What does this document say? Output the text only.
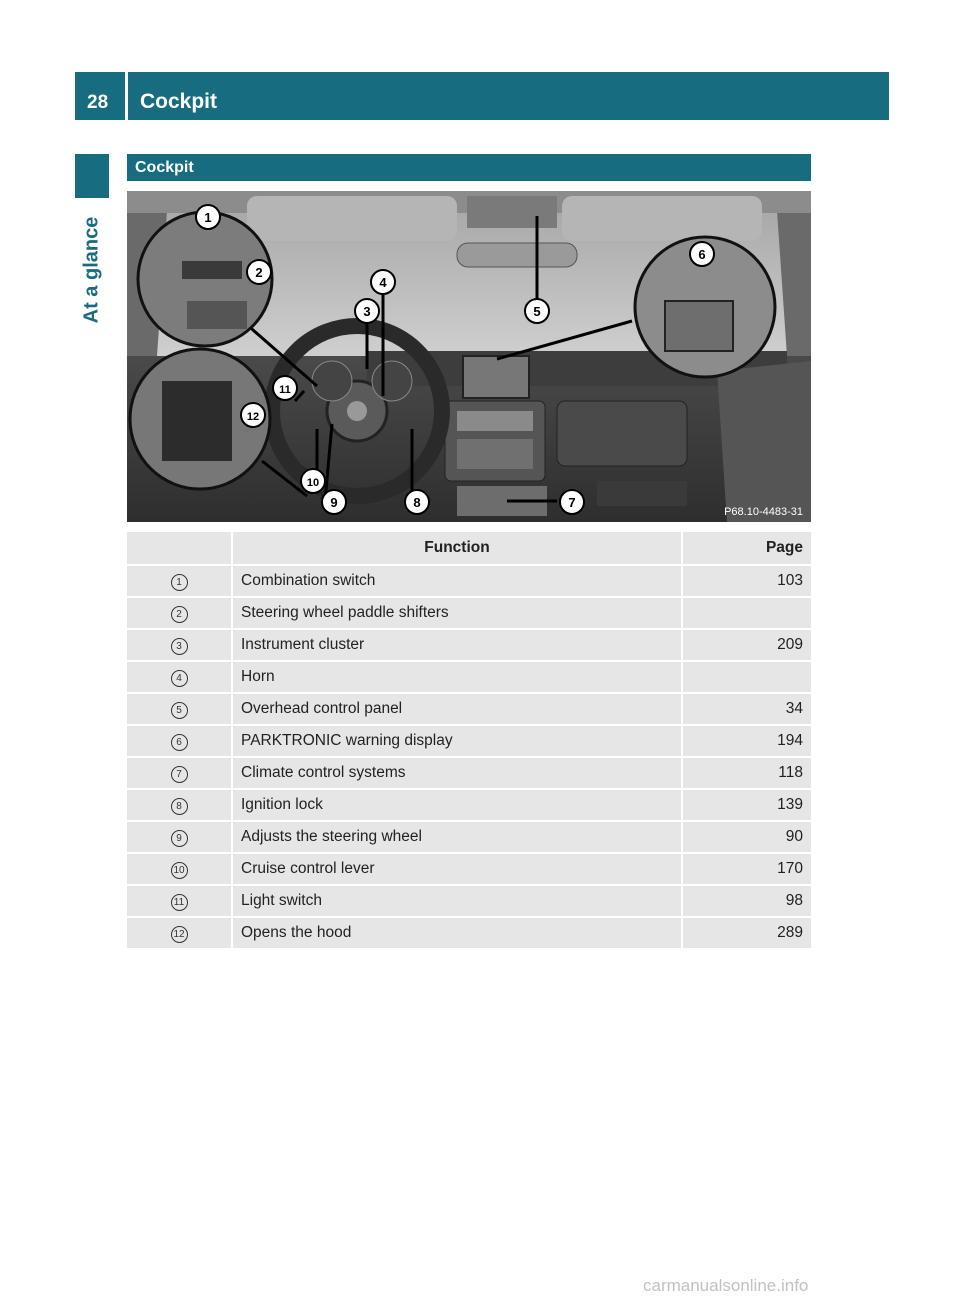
28	Cockpit
At a glance
Cockpit
1
2
3
4
5
6
7
8
9
10
11
12
P68.10-4483-31
	Function	Page
1	Combination switch	103
2	Steering wheel paddle shifters	
3	Instrument cluster	209
4	Horn	
5	Overhead control panel	34
6	PARKTRONIC warning display	194
7	Climate control systems	118
8	Ignition lock	139
9	Adjusts the steering wheel	90
10	Cruise control lever	170
11	Light switch	98
12	Opens the hood	289
carmanualsonline.info
